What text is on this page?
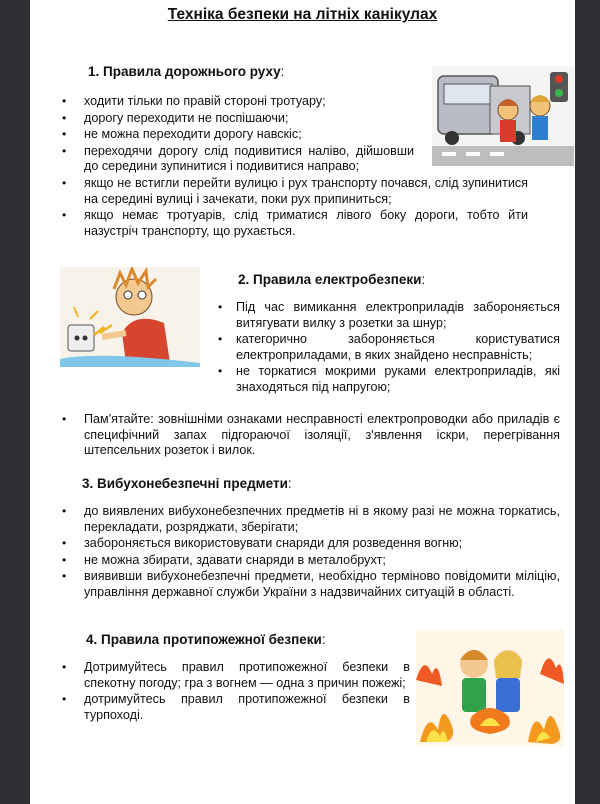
Техніка безпеки на літніх канікулах
1. Правила дорожнього руху:
• ходити тільки по правій стороні тротуару;
• дорогу переходити не поспішаючи;
• не можна переходити дорогу навскіс;
• переходячи дорогу слід подивитися наліво, дійшовши до середини зупинитися і подивитися направо;
• якщо не встигли перейти вулицю і рух транспорту почався, слід зупинитися на середині вулиці і зачекати, поки рух припиниться;
• якщо немає тротуарів, слід триматися лівого боку дороги, тобто йти назустріч транспорту, що рухається.
2. Правила електробезпеки:
• Під час вимикання електроприладів забороняється витягувати вилку з розетки за шнур;
• категорично забороняється користуватися електроприладами, в яких знайдено несправність;
• не торкатися мокрими руками електроприладів, які знаходяться під напругою;
• Пам'ятайте: зовнішніми ознаками несправності електропроводки або приладів є специфічний запах підгораючої ізоляції, з'явлення іскри, перегрівання штепсельних розеток і вилок.
3. Вибухонебезпечні предмети:
• до виявлених вибухонебезпечних предметів ні в якому разі не можна торкатись, перекладати, розряджати, зберігати;
• забороняється використовувати снаряди для розведення вогню;
• не можна збирати, здавати снаряди в металобрухт;
• виявивши вибухонебезпечні предмети, необхідно терміново повідомити міліцію, управління державної служби України з надзвичайних ситуацій в області.
4. Правила протипожежної безпеки:
• Дотримуйтесь правил протипожежної безпеки в спекотну погоду; гра з вогнем — одна з причин пожежі;
• дотримуйтесь правил протипожежної безпеки в турпоході.
